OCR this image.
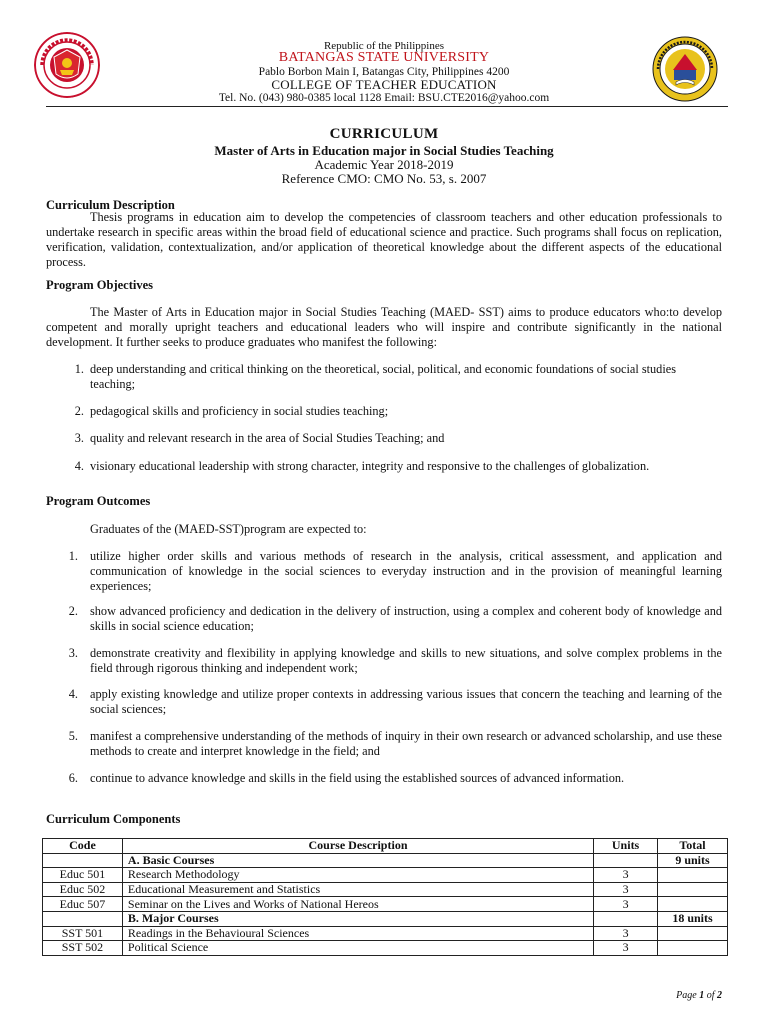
Republic of the Philippines
BATANGAS STATE UNIVERSITY
Pablo Borbon Main I, Batangas City, Philippines 4200
COLLEGE OF TEACHER EDUCATION
Tel. No. (043) 980-0385 local 1128 Email: BSU.CTE2016@yahoo.com
CURRICULUM
Master of Arts in Education major in Social Studies Teaching
Academic Year 2018-2019
Reference CMO: CMO No. 53, s. 2007
Curriculum Description
Thesis programs in education aim to develop the competencies of classroom teachers and other education professionals to undertake research in specific areas within the broad field of educational science and practice. Such programs shall focus on replication, verification, validation, contextualization, and/or application of theoretical knowledge about the different aspects of the educational process.
Program Objectives
The Master of Arts in Education major in Social Studies Teaching (MAED- SST) aims to produce educators who:to develop competent and morally upright teachers and educational leaders who will inspire and contribute significantly in the national development. It further seeks to produce graduates who manifest the following:
1. deep understanding and critical thinking on the theoretical, social, political, and economic foundations of social studies teaching;
2. pedagogical skills and proficiency in social studies teaching;
3. quality and relevant research in the area of Social Studies Teaching; and
4. visionary educational leadership with strong character, integrity and responsive to the challenges of globalization.
Program Outcomes
Graduates of the (MAED-SST)program are expected to:
1. utilize higher order skills and various methods of research in the analysis, critical assessment, and application and communication of knowledge in the social sciences to everyday instruction and in the provision of meaningful learning experiences;
2. show advanced proficiency and dedication in the delivery of instruction, using a complex and coherent body of knowledge and skills in social science education;
3. demonstrate creativity and flexibility in applying knowledge and skills to new situations, and solve complex problems in the field through rigorous thinking and independent work;
4. apply existing knowledge and utilize proper contexts in addressing various issues that concern the teaching and learning of the social sciences;
5. manifest a comprehensive understanding of the methods of inquiry in their own research or advanced scholarship, and use these methods to create and interpret knowledge in the field; and
6. continue to advance knowledge and skills in the field using the established sources of advanced information.
Curriculum Components
Code	Course Description	Units	Total
	A. Basic Courses		9 units
Educ 501	Research Methodology	3	
Educ 502	Educational Measurement and Statistics	3	
Educ 507	Seminar on the Lives and Works of National Hereos	3	
	B. Major Courses		18 units
SST 501	Readings in the Behavioural Sciences	3	
SST 502	Political Science	3	
Page 1 of 2
